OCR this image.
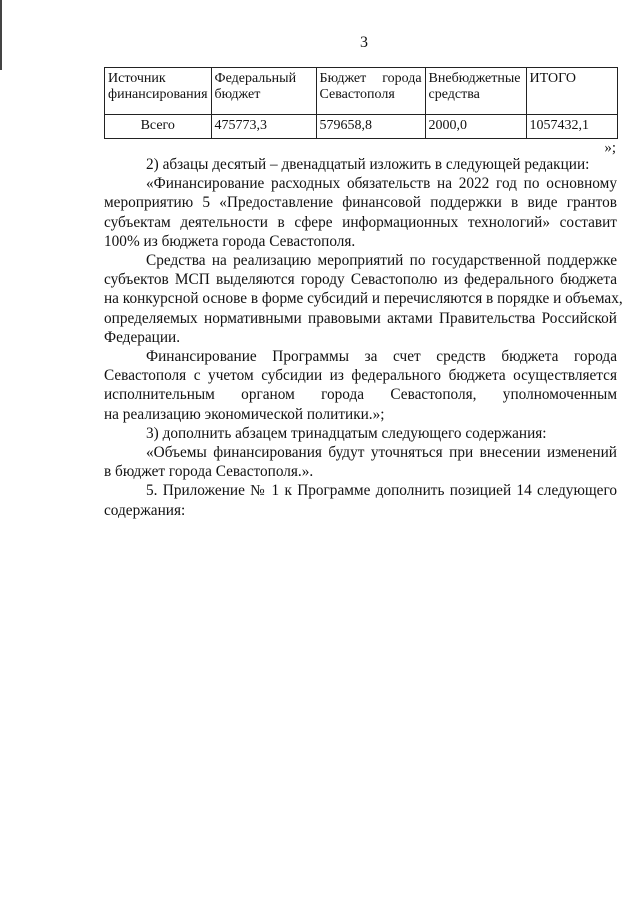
3
Источник финансирования	Федеральный бюджет	Бюджет города Севастополя	Внебюджетные средства	ИТОГО
Всего	475773,3	579658,8	2000,0	1057432,1
»;
2) абзацы десятый – двенадцатый изложить в следующей редакции:
«Финансирование расходных обязательств на 2022 год по основному
мероприятию 5 «Предоставление финансовой поддержки в виде грантов
субъектам деятельности в сфере информационных технологий» составит
100% из бюджета города Севастополя.
Средства на реализацию мероприятий по государственной поддержке
субъектов МСП выделяются городу Севастополю из федерального бюджета
на конкурсной основе в форме субсидий и перечисляются в порядке и объемах,
определяемых нормативными правовыми актами Правительства Российской
Федерации.
Финансирование Программы за счет средств бюджета города
Севастополя с учетом субсидии из федерального бюджета осуществляется
исполнительным органом города Севастополя, уполномоченным
на реализацию экономической политики.»;
3) дополнить абзацем тринадцатым следующего содержания:
«Объемы финансирования будут уточняться при внесении изменений
в бюджет города Севастополя.».
5. Приложение № 1 к Программе дополнить позицией 14 следующего
содержания:
